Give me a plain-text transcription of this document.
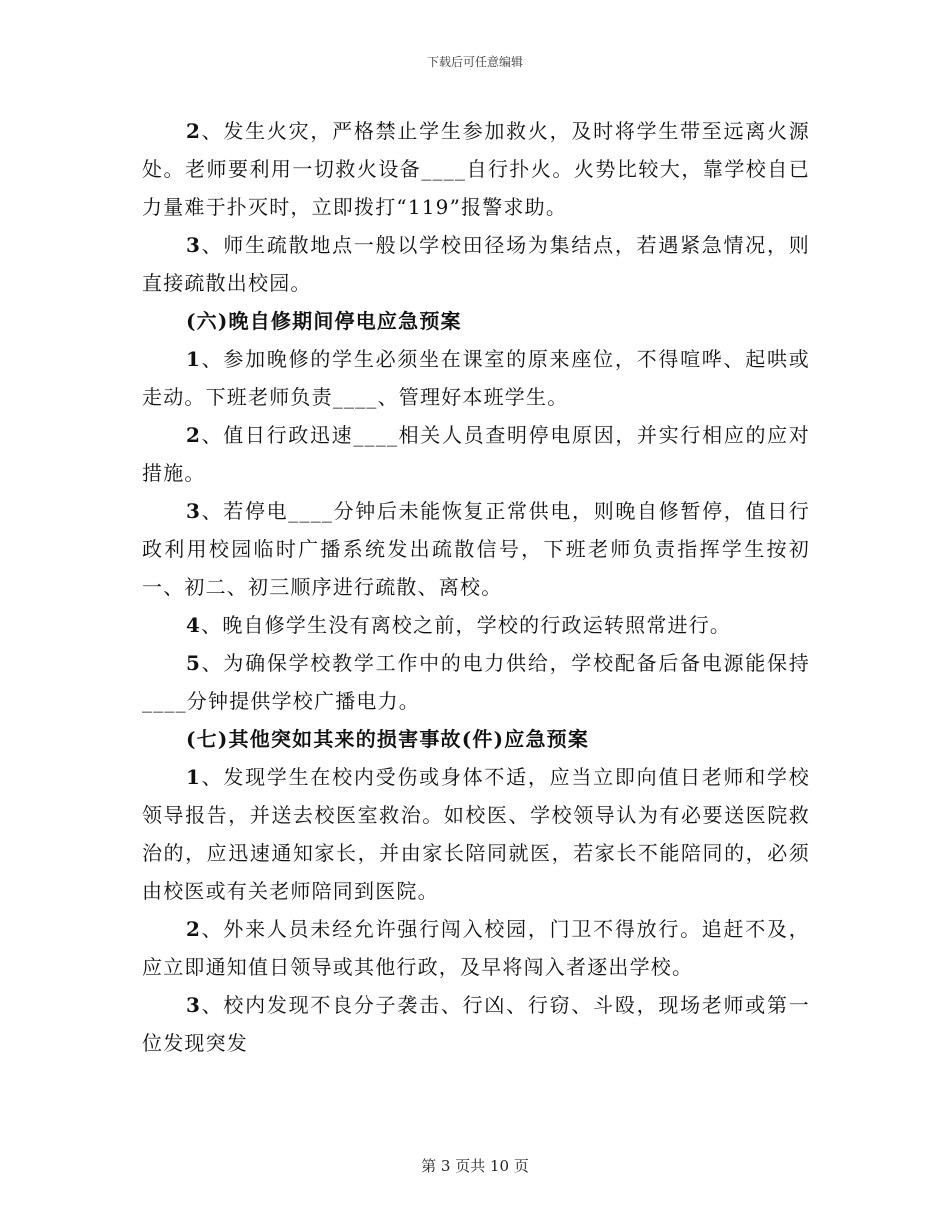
下载后可任意编辑

2、发生火灾，严格禁止学生参加救火，及时将学生带至远离火源处。老师要利用一切救火设备____自行扑火。火势比较大，靠学校自已力量难于扑灭时，立即拨打“119”报警求助。

3、师生疏散地点一般以学校田径场为集结点，若遇紧急情况，则直接疏散出校园。

(六)晚自修期间停电应急预案

1、参加晚修的学生必须坐在课室的原来座位，不得喧哗、起哄或走动。下班老师负责____、管理好本班学生。

2、值日行政迅速____相关人员查明停电原因，并实行相应的应对措施。

3、若停电____分钟后未能恢复正常供电，则晚自修暂停，值日行政利用校园临时广播系统发出疏散信号，下班老师负责指挥学生按初一、初二、初三顺序进行疏散、离校。

4、晚自修学生没有离校之前，学校的行政运转照常进行。

5、为确保学校教学工作中的电力供给，学校配备后备电源能保持____分钟提供学校广播电力。

(七)其他突如其来的损害事故(件)应急预案

1、发现学生在校内受伤或身体不适，应当立即向值日老师和学校领导报告，并送去校医室救治。如校医、学校领导认为有必要送医院救治的，应迅速通知家长，并由家长陪同就医，若家长不能陪同的，必须由校医或有关老师陪同到医院。

2、外来人员未经允许强行闯入校园，门卫不得放行。追赶不及，应立即通知值日领导或其他行政，及早将闯入者逐出学校。

3、校内发现不良分子袭击、行凶、行窃、斗殴，现场老师或第一位发现突发

第 3 页共 10 页
